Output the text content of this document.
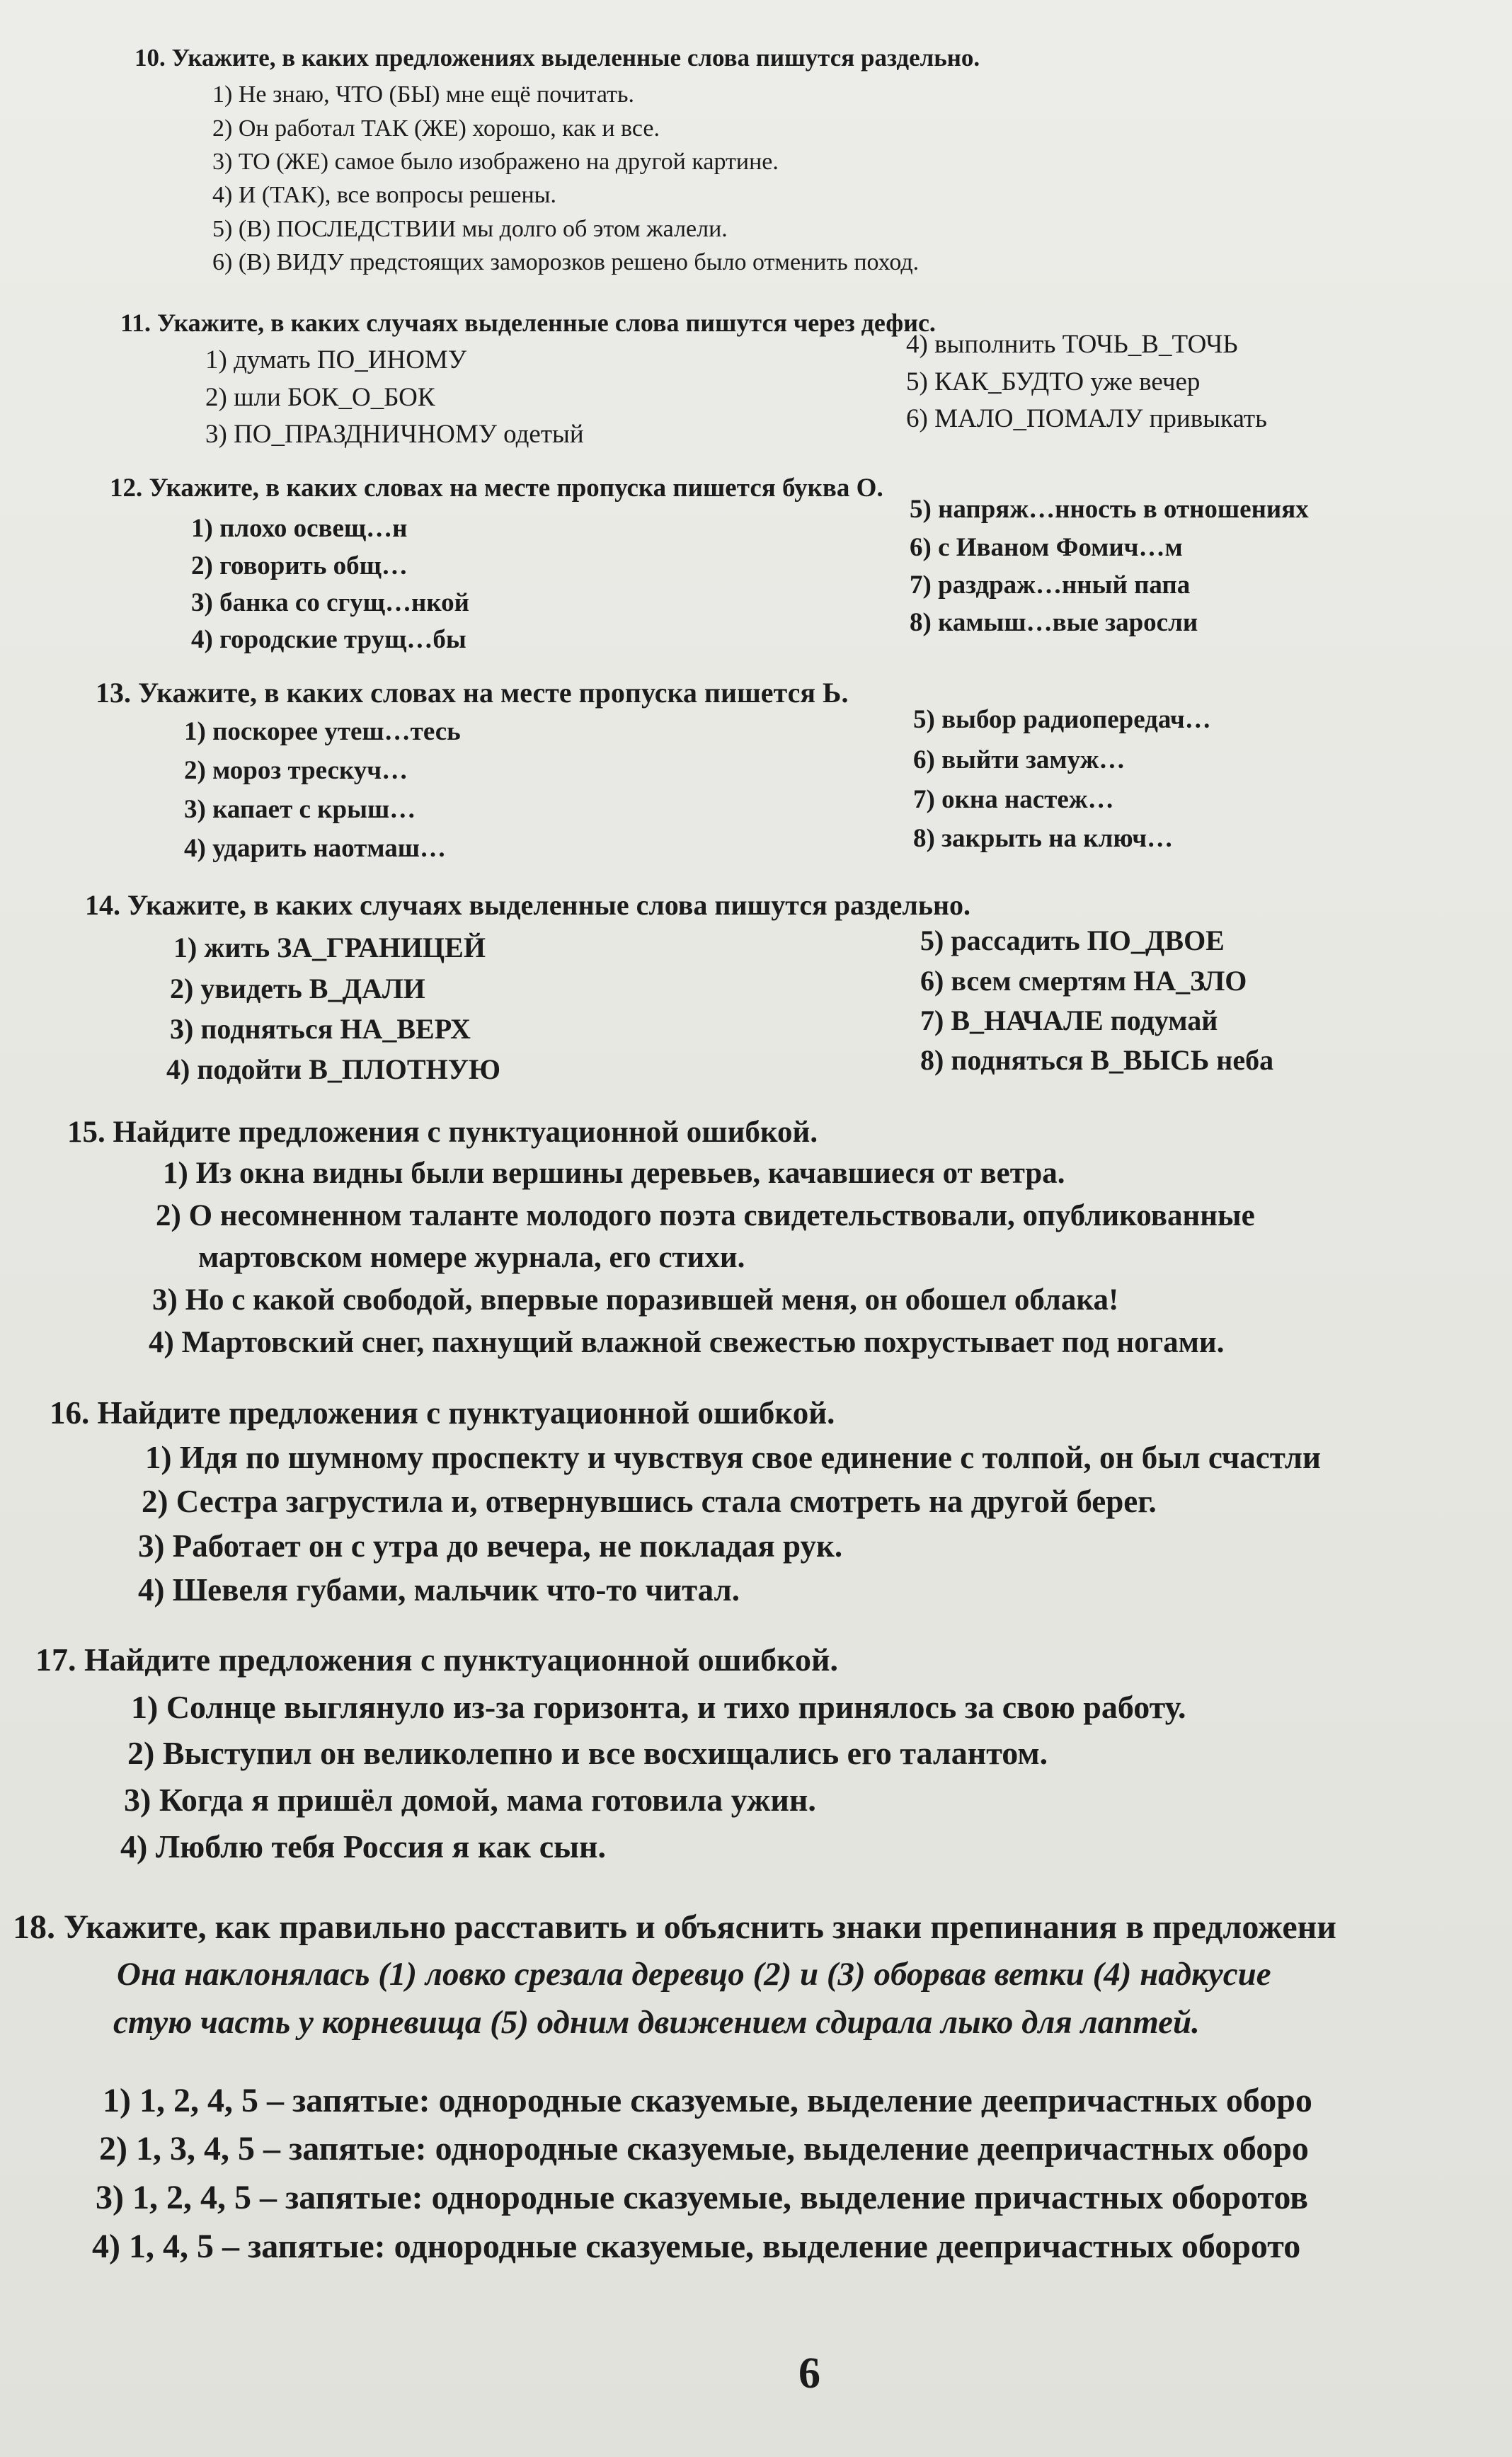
10. Укажите, в каких предложениях выделенные слова пишутся раздельно.
1) Не знаю, ЧТО (БЫ) мне ещё почитать.
2) Он работал ТАК (ЖЕ) хорошо, как и все.
3) ТО (ЖЕ) самое было изображено на другой картине.
4) И (ТАК), все вопросы решены.
5) (В) ПОСЛЕДСТВИИ мы долго об этом жалели.
6) (В) ВИДУ предстоящих заморозков решено было отменить поход.
11. Укажите, в каких случаях выделенные слова пишутся через дефис.
1) думать ПО_ИНОМУ
2) шли БОК_О_БОК
3) ПО_ПРАЗДНИЧНОМУ одетый
4) выполнить ТОЧЬ_В_ТОЧЬ
5) КАК_БУДТО уже вечер
6) МАЛО_ПОМАЛУ привыкать
12. Укажите, в каких словах на месте пропуска пишется буква О.
1) плохо освещ…н
2) говорить общ…
3) банка со сгущ…нкой
4) городские трущ…бы
5) напряж…нность в отношениях
6) с Иваном Фомич…м
7) раздраж…нный папа
8) камыш…вые заросли
13. Укажите, в каких словах на месте пропуска пишется Ь.
1) поскорее утеш…тесь
2) мороз трескуч…
3) капает с крыш…
4) ударить наотмаш…
5) выбор радиопередач…
6) выйти замуж…
7) окна настеж…
8) закрыть на ключ…
14. Укажите, в каких случаях выделенные слова пишутся раздельно.
1) жить ЗА_ГРАНИЦЕЙ
2) увидеть В_ДАЛИ
3) подняться НА_ВЕРХ
4) подойти В_ПЛОТНУЮ
5) рассадить ПО_ДВОЕ
6) всем смертям НА_ЗЛО
7) В_НАЧАЛЕ подумай
8) подняться В_ВЫСЬ неба
15. Найдите предложения с пунктуационной ошибкой.
1) Из окна видны были вершины деревьев, качавшиеся от ветра.
2) О несомненном таланте молодого поэта свидетельствовали, опубликованные
мартовском номере журнала, его стихи.
3) Но с какой свободой, впервые поразившей меня, он обошел облака!
4) Мартовский снег, пахнущий влажной свежестью похрустывает под ногами.
16. Найдите предложения с пунктуационной ошибкой.
1) Идя по шумному проспекту и чувствуя свое единение с толпой, он был счастли
2) Сестра загрустила и, отвернувшись стала смотреть на другой берег.
3) Работает он с утра до вечера, не покладая рук.
4) Шевеля губами, мальчик что-то читал.
17. Найдите предложения с пунктуационной ошибкой.
1) Солнце выглянуло из-за горизонта, и тихо принялось за свою работу.
2) Выступил он великолепно и все восхищались его талантом.
3) Когда я пришёл домой, мама готовила ужин.
4) Люблю тебя Россия я как сын.
18. Укажите, как правильно расставить и объяснить знаки препинания в предложени
Она наклонялась (1) ловко срезала деревцо (2) и (3) оборвав ветки (4) надкусие
стую часть у корневища (5) одним движением сдирала лыко для лаптей.
1) 1, 2, 4, 5 – запятые: однородные сказуемые, выделение деепричастных оборо
2) 1, 3, 4, 5 – запятые: однородные сказуемые, выделение деепричастных оборо
3) 1, 2, 4, 5 – запятые: однородные сказуемые, выделение причастных оборотов
4) 1, 4, 5 – запятые: однородные сказуемые, выделение деепричастных оборото
6
